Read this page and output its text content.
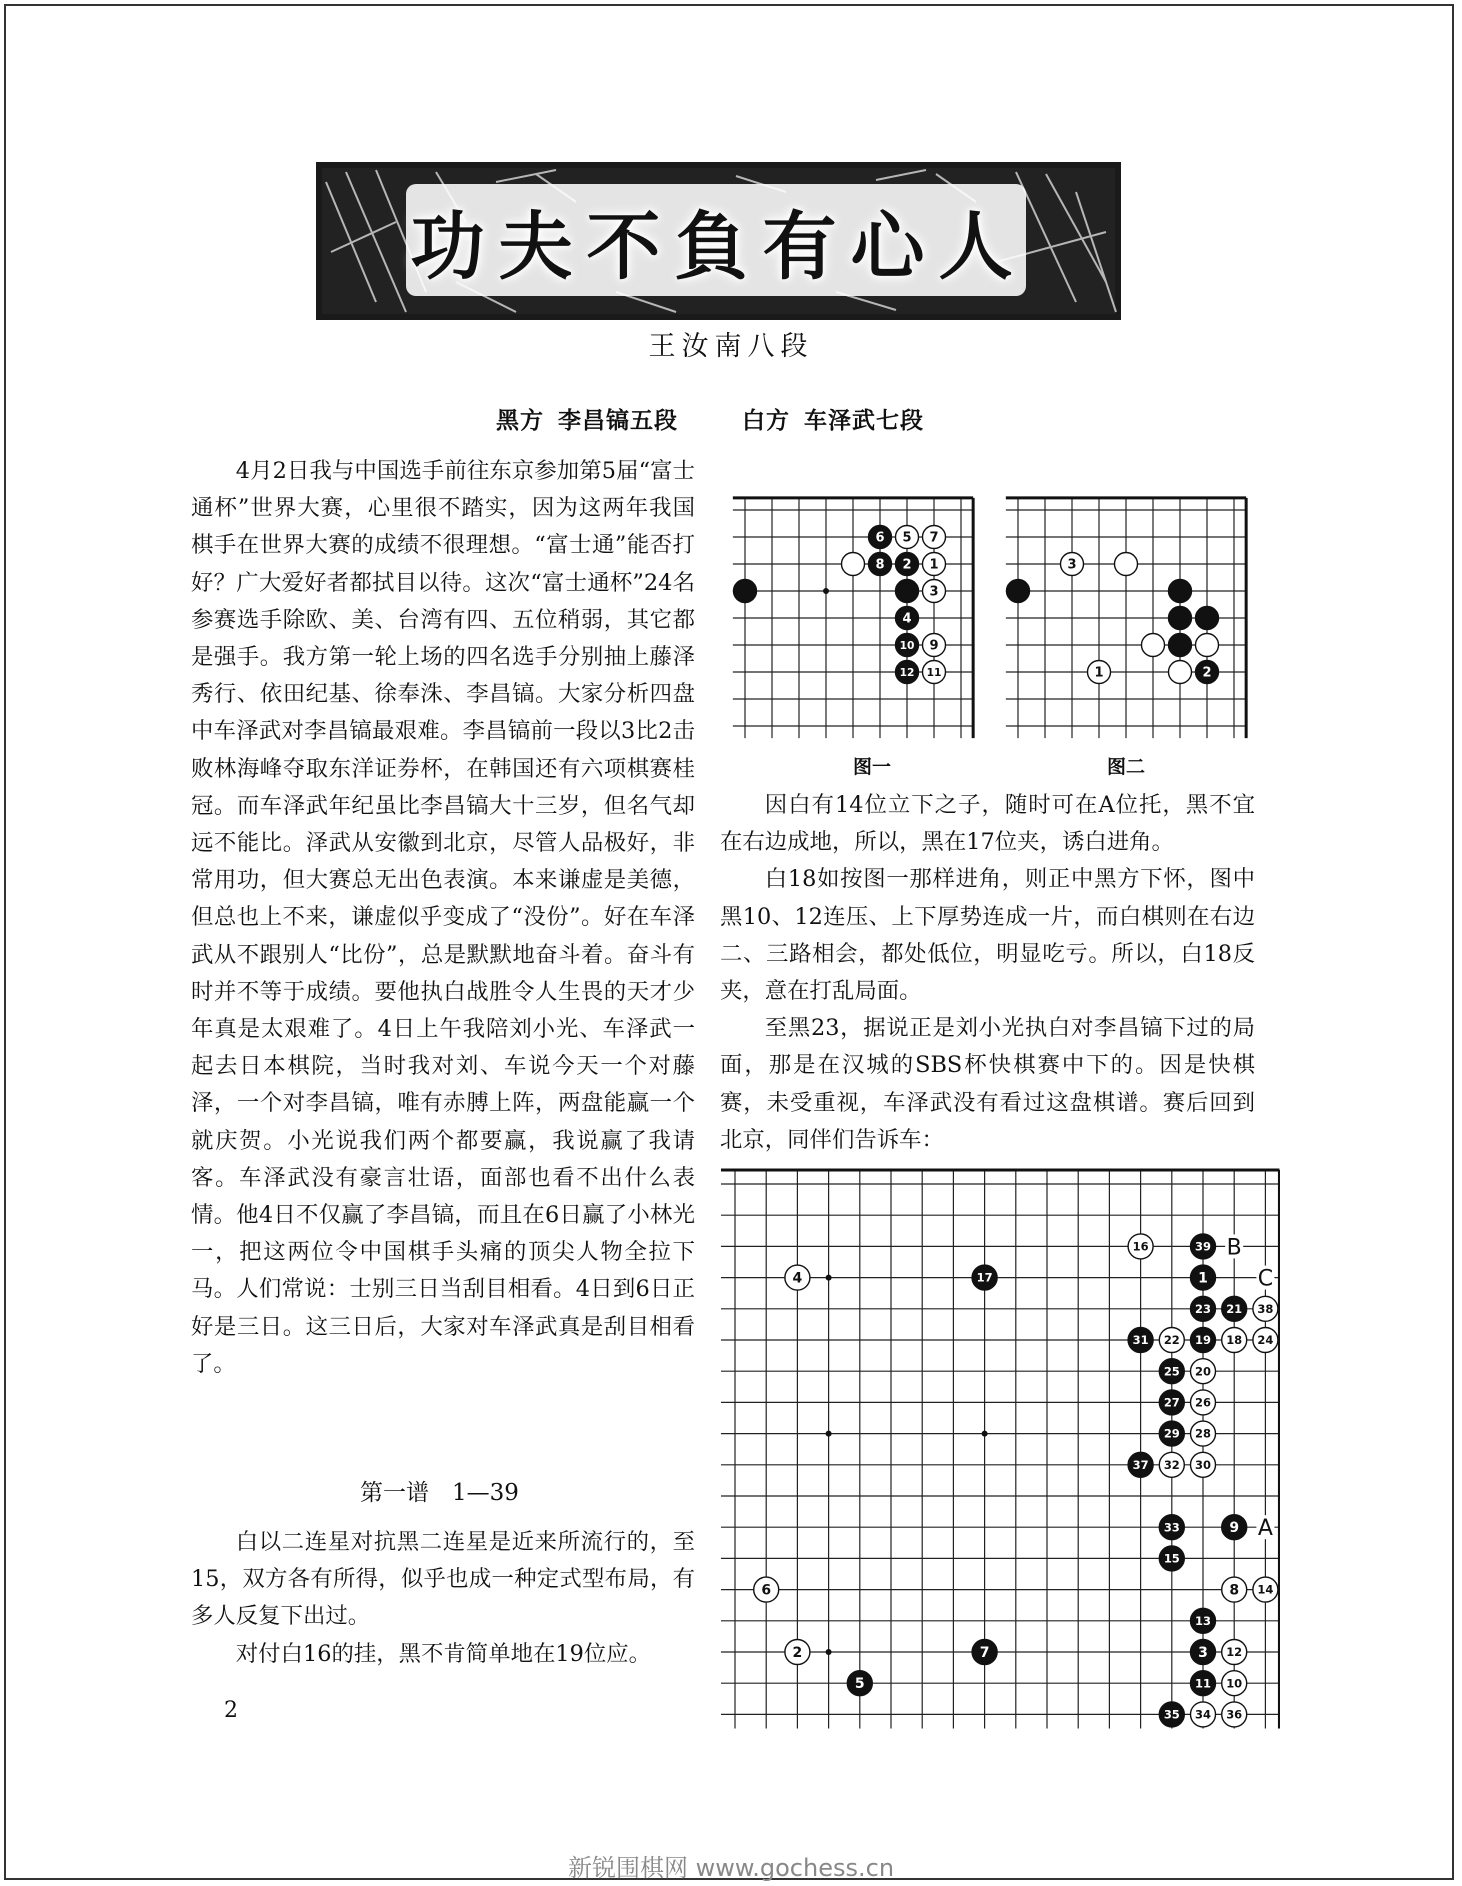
功夫不負有心人
王汝南八段
黑方 李昌镐五段	白方 车泽武七段

4月2日我与中国选手前往东京参加第5届“富士通杯”世界大赛，心里很不踏实，因为这两年我国棋手在世界大赛的成绩不很理想。“富士通”能否打好？广大爱好者都拭目以待。这次“富士通杯”24名参赛选手除欧、美、台湾有四、五位稍弱，其它都是强手。我方第一轮上场的四名选手分别抽上藤泽秀行、依田纪基、徐奉洙、李昌镐。大家分析四盘中车泽武对李昌镐最艰难。李昌镐前一段以3比2击败林海峰夺取东洋证券杯，在韩国还有六项棋赛桂冠。而车泽武年纪虽比李昌镐大十三岁，但名气却远不能比。泽武从安徽到北京，尽管人品极好，非常用功，但大赛总无出色表演。本来谦虚是美德，但总也上不来，谦虚似乎变成了“没份”。好在车泽武从不跟别人“比份”，总是默默地奋斗着。奋斗有时并不等于成绩。要他执白战胜令人生畏的天才少年真是太艰难了。4日上午我陪刘小光、车泽武一起去日本棋院，当时我对刘、车说今天一个对藤泽，一个对李昌镐，唯有赤膊上阵，两盘能赢一个就庆贺。小光说我们两个都要赢，我说赢了我请客。车泽武没有豪言壮语，面部也看不出什么表情。他4日不仅赢了李昌镐，而且在6日赢了小林光一，把这两位令中国棋手头痛的顶尖人物全拉下马。人们常说：士别三日当刮目相看。4日到6日正好是三日。这三日后，大家对车泽武真是刮目相看了。

第一谱　1—39

白以二连星对抗黑二连星是近来所流行的，至15，双方各有所得，似乎也成一种定式型布局，有多人反复下出过。

对付白16的挂，黑不肯简单地在19位应。

2
6 5 7
8 2 1
3
4
10 9
12 11
图一
3
1	2
图二

因白有14位立下之子，随时可在A位托，黑不宜在右边成地，所以，黑在17位夹，诱白进角。

白18如按图一那样进角，则正中黑方下怀，图中黑10、12连压、上下厚势连成一片，而白棋则在右边二、三路相会，都处低位，明显吃亏。所以，白18反夹，意在打乱局面。

至黑23，据说正是刘小光执白对李昌镐下过的局面，那是在汉城的SBS杯快棋赛中下的。因是快棋赛，未受重视，车泽武没有看过这盘棋谱。赛后回到北京，同伴们告诉车：

16	39
4	17	1
23 21 38
31 22 19 18 24
25 20
27 26
29 28
37 32 30
33	9
15
6	8 14
13
2	7	3 12
5	11 10
35 34 36
B
C
A
新锐围棋网 www.gochess.cn
